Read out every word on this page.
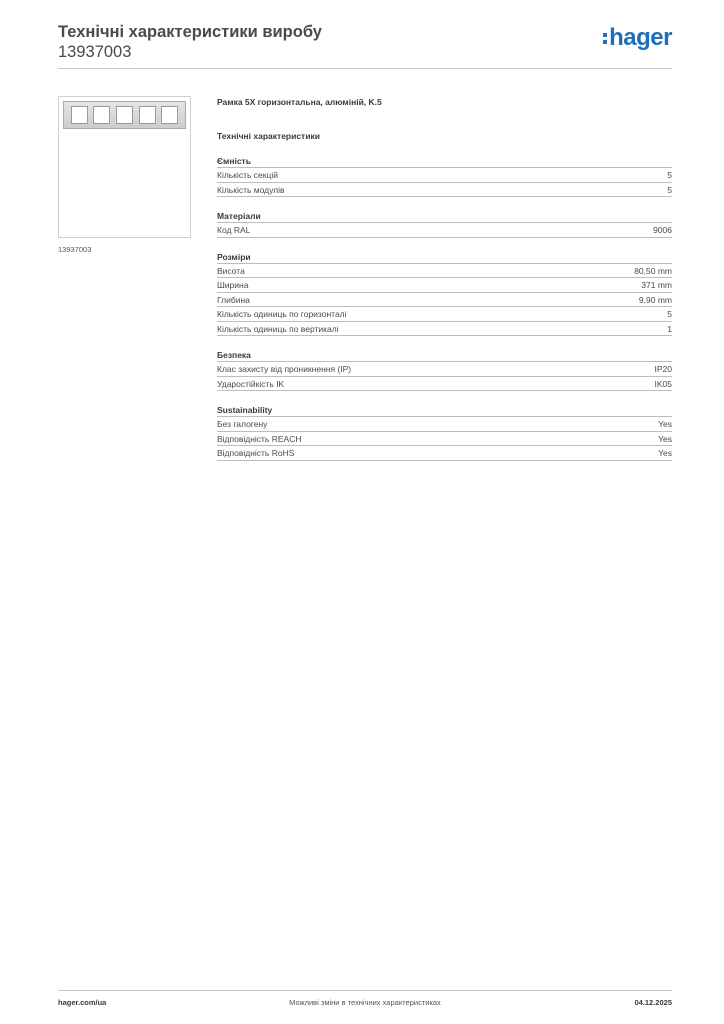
Технічні характеристики виробу
13937003
hager
13937003
Рамка 5X горизонтальна, алюміній, K.5
Технічні характеристики
Ємність
Кількість секцій	5
Кількість модулів	5
Матеріали
Код RAL	9006
Розміри
Висота	80,50 mm
Ширина	371 mm
Глибина	9,90 mm
Кількість одиниць по горизонталі	5
Кількість одиниць по вертикалі	1
Безпека
Клас захисту від проникнення (IP)	IP20
Ударостійкість IK	IK05
Sustainability
Без галогену	Yes
Відповідність REACH	Yes
Відповідність RoHS	Yes
hager.com/ua	Можливі зміни в технічних характеристиках	04.12.2025
